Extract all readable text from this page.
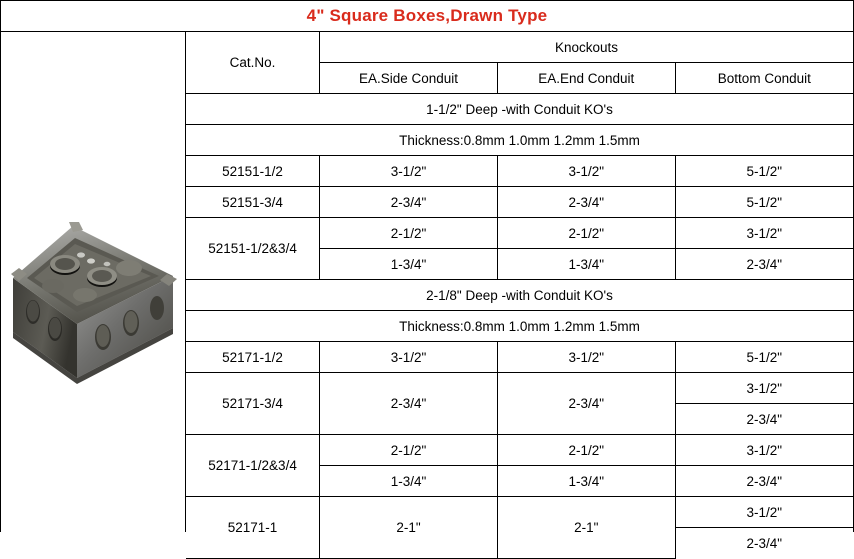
4" Square Boxes,Drawn Type
Cat.No.	Knockouts		
	EA.Side Conduit	EA.End Conduit	Bottom Conduit
1-1/2" Deep -with Conduit KO's			
Thickness:0.8mm 1.0mm 1.2mm 1.5mm			
52151-1/2	3-1/2"	3-1/2"	5-1/2"
52151-3/4	2-3/4"	2-3/4"	5-1/2"
52151-1/2&3/4	2-1/2"	2-1/2"	3-1/2"
	1-3/4"	1-3/4"	2-3/4"
2-1/8" Deep -with Conduit KO's			
Thickness:0.8mm 1.0mm 1.2mm 1.5mm			
52171-1/2	3-1/2"	3-1/2"	5-1/2"
52171-3/4	2-3/4"	2-3/4"	3-1/2"
			2-3/4"
52171-1/2&3/4	2-1/2"	2-1/2"	3-1/2"
	1-3/4"	1-3/4"	2-3/4"
52171-1	2-1"	2-1"	3-1/2"
			2-3/4"
